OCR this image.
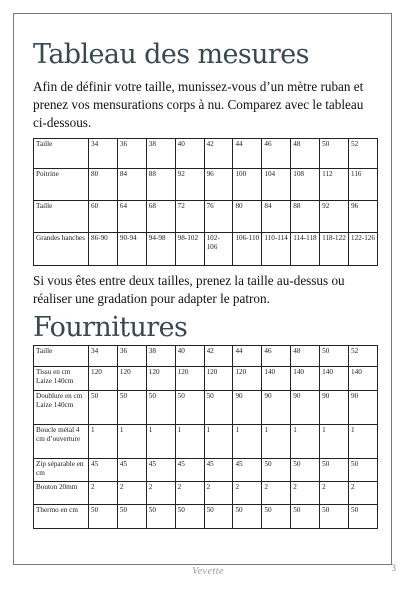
Tableau des mesures
Afin de définir votre taille, munissez-vous d’un mètre ruban et prenez vos mensurations corps à nu. Comparez avec le tableau ci-dessous.
Taille	34	36	38	40	42	44	46	48	50	52
Poitrine	80	84	88	92	96	100	104	108	112	116
Taille	60	64	68	72	76	80	84	88	92	96
Grandes hanches	86-90	90-94	94-98	98-102	102-106	106-110	110-114	114-118	118-122	122-126
Si vous êtes entre deux tailles, prenez la taille au-dessus ou réaliser une gradation pour adapter le patron.
Fournitures
Taille	34	36	38	40	42	44	46	48	50	52
Tissu en cm Laize 140cm	120	120	120	120	120	120	140	140	140	140
Doublure en cm Laize 140cm	50	50	50	50	50	90	90	90	90	90
Boucle métal 4 cm d’ouverture	1	1	1	1	1	1	1	1	1	1
Zip séparable en cm	45	45	45	45	45	45	50	50	50	50
Bouton 20mm	2	2	2	2	2	2	2	2	2	2
Thermo en cm	50	50	50	50	50	50	50	50	50	50
Vevette	3
